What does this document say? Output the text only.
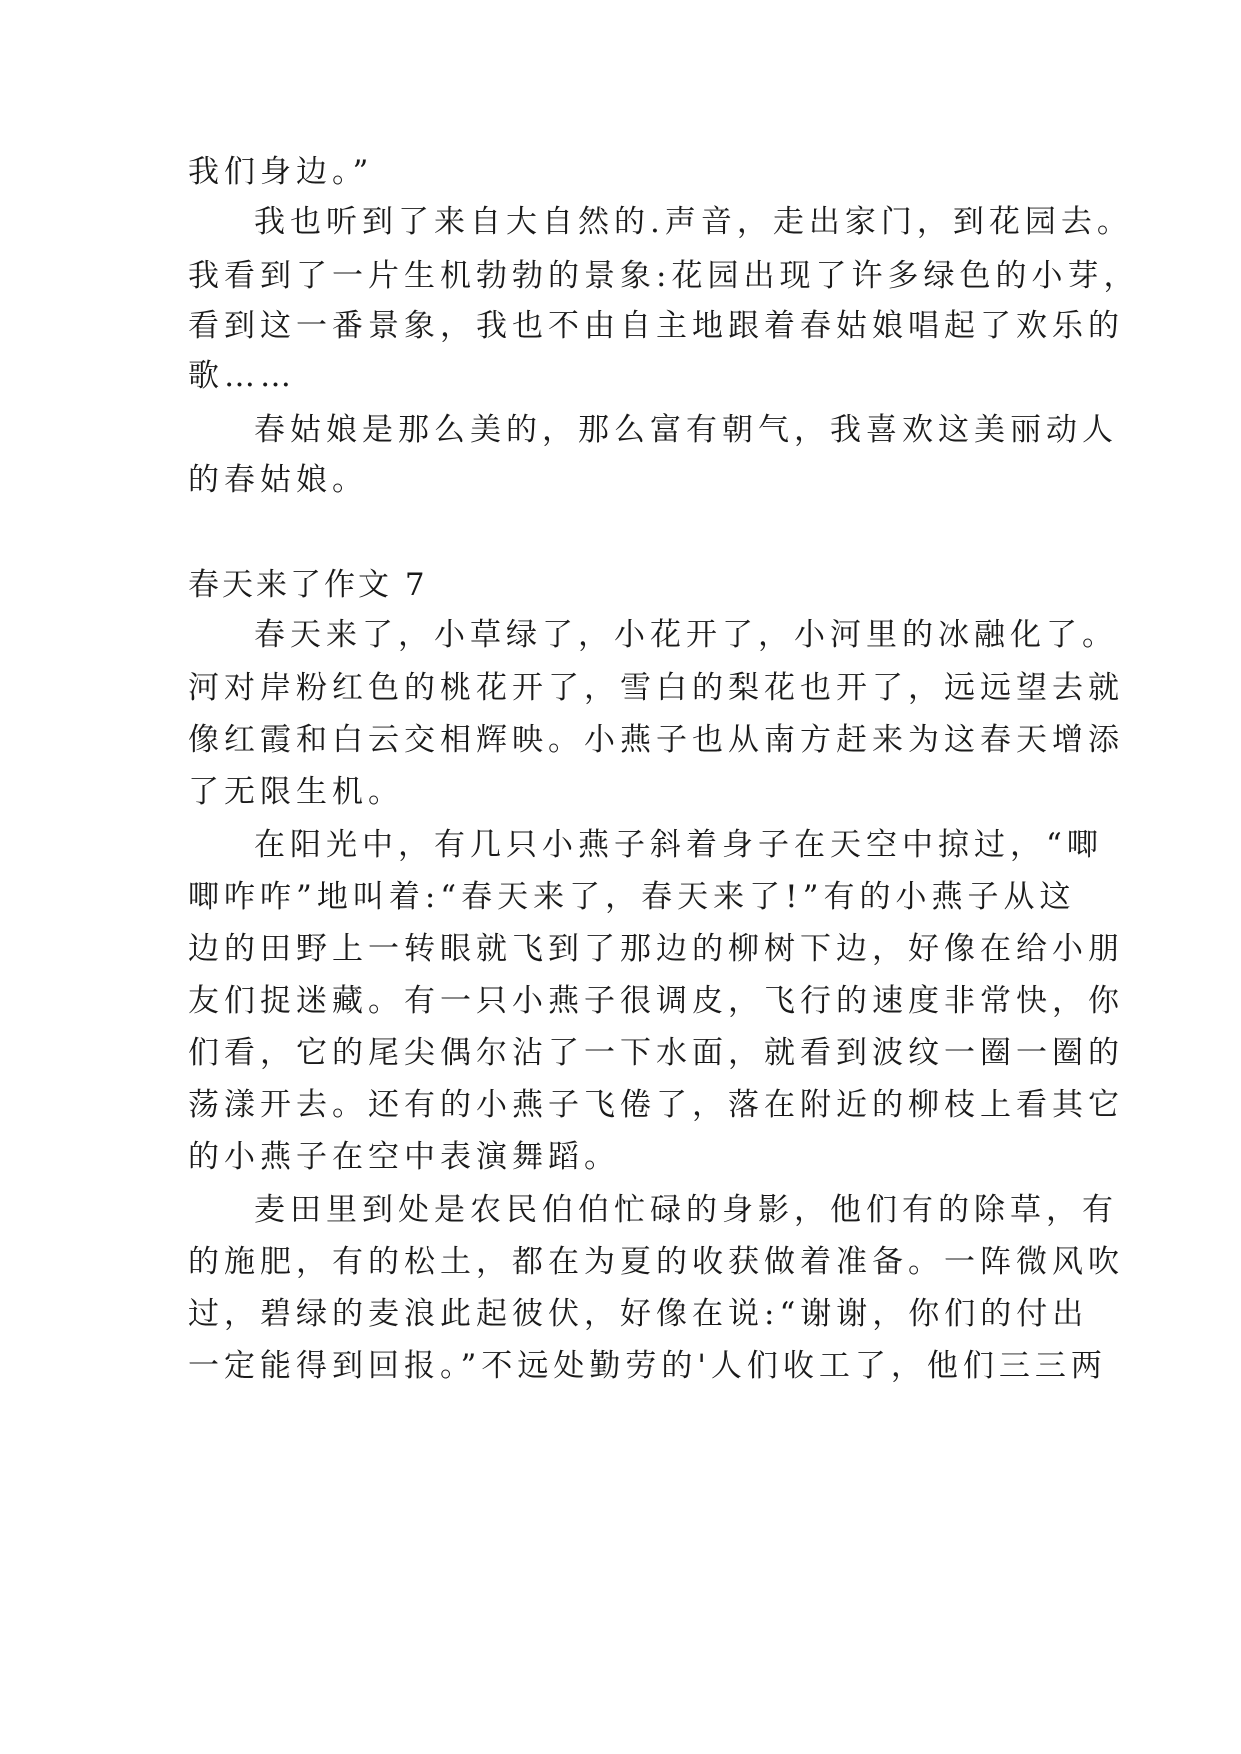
我们身边。”
我也听到了来自大自然的.声音，走出家门，到花园去。
我看到了一片生机勃勃的景象:花园出现了许多绿色的小芽，
看到这一番景象，我也不由自主地跟着春姑娘唱起了欢乐的
歌……
春姑娘是那么美的，那么富有朝气，我喜欢这美丽动人
的春姑娘。
春天来了作文 7
春天来了，小草绿了，小花开了，小河里的冰融化了。
河对岸粉红色的桃花开了，雪白的梨花也开了，远远望去就
像红霞和白云交相辉映。小燕子也从南方赶来为这春天增添
了无限生机。
在阳光中，有几只小燕子斜着身子在天空中掠过，“唧
唧咋咋”地叫着:“春天来了，春天来了!”有的小燕子从这
边的田野上一转眼就飞到了那边的柳树下边，好像在给小朋
友们捉迷藏。有一只小燕子很调皮，飞行的速度非常快，你
们看，它的尾尖偶尔沾了一下水面，就看到波纹一圈一圈的
荡漾开去。还有的小燕子飞倦了，落在附近的柳枝上看其它
的小燕子在空中表演舞蹈。
麦田里到处是农民伯伯忙碌的身影，他们有的除草，有
的施肥，有的松土，都在为夏的收获做着准备。一阵微风吹
过，碧绿的麦浪此起彼伏，好像在说:“谢谢，你们的付出
一定能得到回报。”不远处勤劳的'人们收工了，他们三三两
